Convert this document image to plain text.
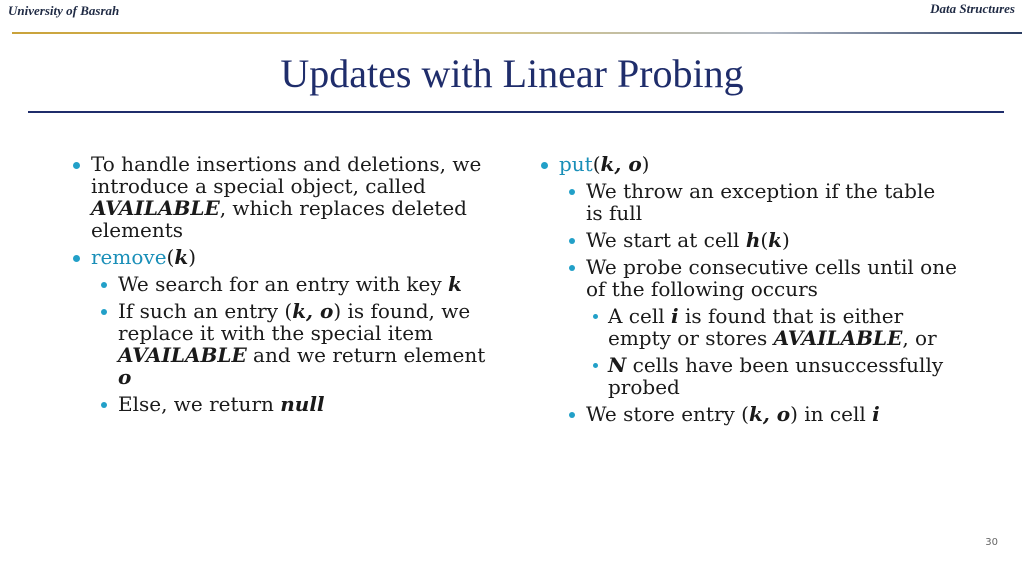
University of Basrah	Data Structures
Updates with Linear Probing
To handle insertions and deletions, we introduce a special object, called AVAILABLE, which replaces deleted elements
remove(k)
We search for an entry with key k
If such an entry (k, o) is found, we replace it with the special item AVAILABLE and we return element o
Else, we return null
put(k, o)
We throw an exception if the table is full
We start at cell h(k)
We probe consecutive cells until one of the following occurs
A cell i is found that is either empty or stores AVAILABLE, or
N cells have been unsuccessfully probed
We store entry (k, o) in cell i
30
